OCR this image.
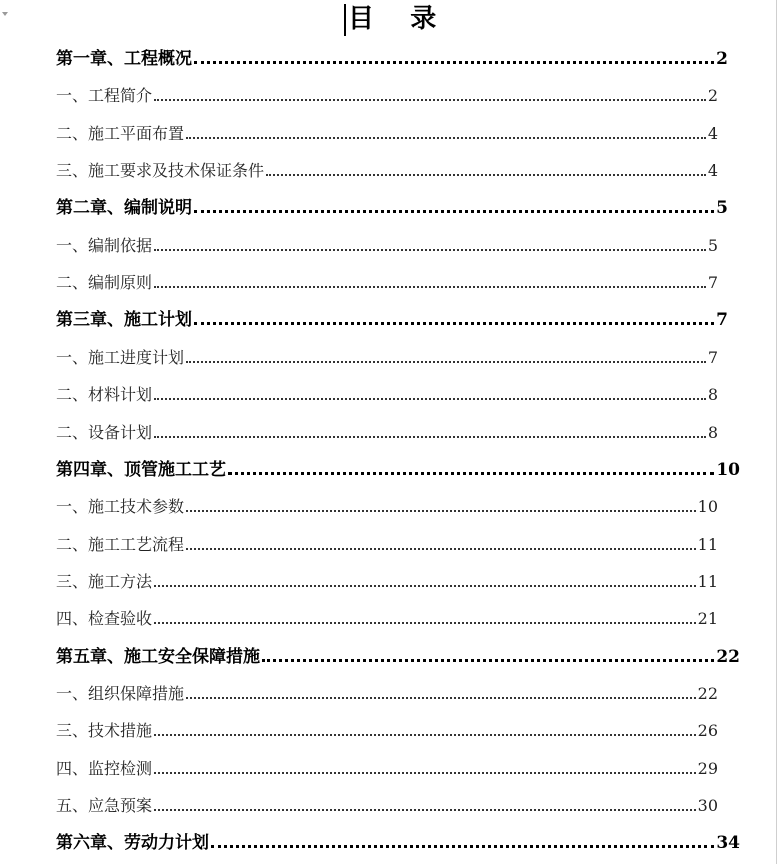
目    录
第一章、工程概况	2
一、工程简介	2
二、施工平面布置	4
三、施工要求及技术保证条件	4
第二章、编制说明	5
一、编制依据	5
二、编制原则	7
第三章、施工计划	7
一、施工进度计划	7
二、材料计划	8
二、设备计划	8
第四章、顶管施工工艺	10
一、施工技术参数	10
二、施工工艺流程	11
三、施工方法	11
四、检查验收	21
第五章、施工安全保障措施	22
一、组织保障措施	22
三、技术措施	26
四、监控检测	29
五、应急预案	30
第六章、劳动力计划	34
